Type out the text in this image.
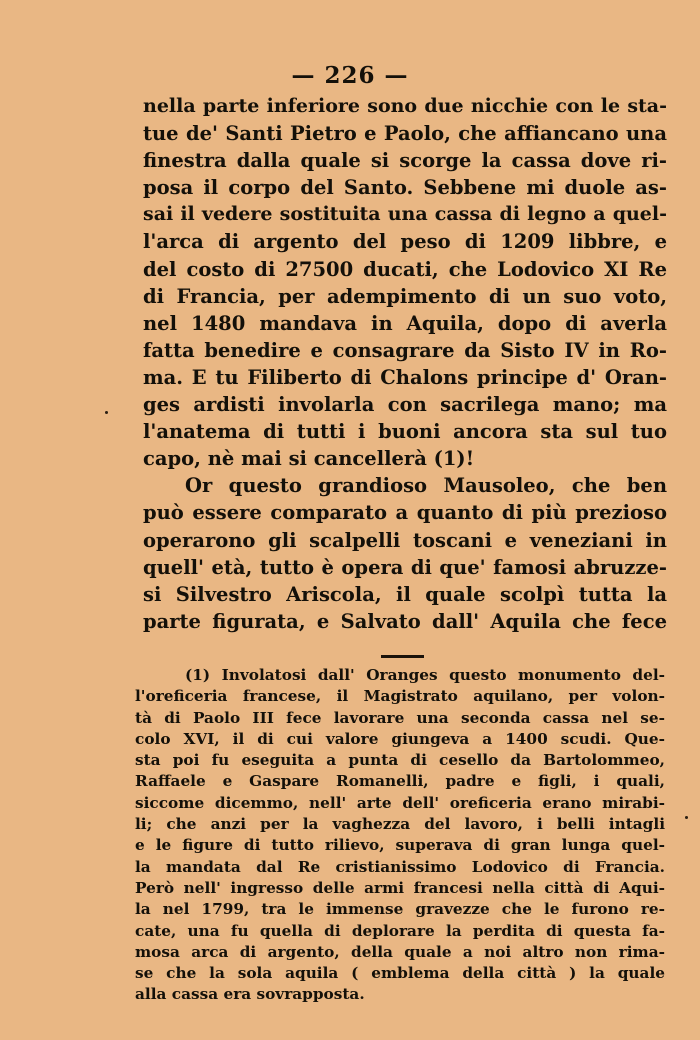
— 226 —
nella parte inferiore sono due nicchie con le sta-
tue de' Santi Pietro e Paolo, che affiancano una
finestra dalla quale si scorge la cassa dove ri-
posa il corpo del Santo. Sebbene mi duole as-
sai il vedere sostituita una cassa di legno a quel-
l'arca di argento del peso di 1209 libbre, e
del costo di 27500 ducati, che Lodovico XI Re
di Francia, per adempimento di un suo voto,
nel 1480 mandava in Aquila, dopo di averla
fatta benedire e consagrare da Sisto IV in Ro-
ma. E tu Filiberto di Chalons principe d' Oran-
ges ardisti involarla con sacrilega mano; ma
l'anatema di tutti i buoni ancora sta sul tuo
capo, nè mai si cancellerà (1)!
Or questo grandioso Mausoleo, che ben
può essere comparato a quanto di più prezioso
operarono gli scalpelli toscani e veneziani in
quell' età, tutto è opera di que' famosi abruzze-
si Silvestro Ariscola, il quale scolpì tutta la
parte figurata, e Salvato dall' Aquila che fece
(1) Involatosi dall' Oranges questo monumento del-
l'oreficeria francese, il Magistrato aquilano, per volon-
tà di Paolo III fece lavorare una seconda cassa nel se-
colo XVI, il di cui valore giungeva a 1400 scudi. Que-
sta poi fu eseguita a punta di cesello da Bartolommeo,
Raffaele e Gaspare Romanelli, padre e figli, i quali,
siccome dicemmo, nell' arte dell' oreficeria erano mirabi-
li; che anzi per la vaghezza del lavoro, i belli intagli
e le figure di tutto rilievo, superava di gran lunga quel-
la mandata dal Re cristianissimo Lodovico di Francia.
Però nell' ingresso delle armi francesi nella città di Aqui-
la nel 1799, tra le immense gravezze che le furono re-
cate, una fu quella di deplorare la perdita di questa fa-
mosa arca di argento, della quale a noi altro non rima-
se che la sola aquila ( emblema della città ) la quale
alla cassa era sovrapposta.
